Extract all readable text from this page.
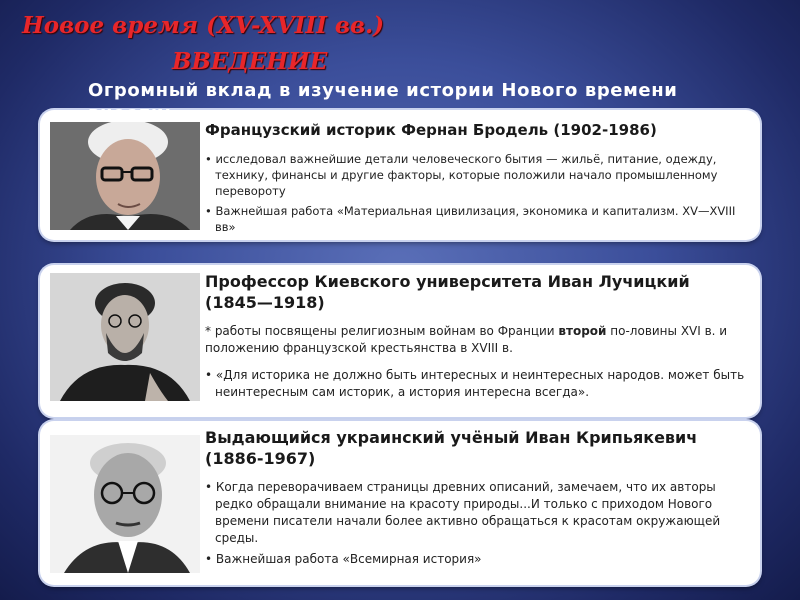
Новое время (XV-XVIII вв.)
ВВЕДЕНИЕ
Огромный вклад в изучение истории Нового времени внесли:
Французский историк Фернан Бродель (1902-1986)

• исследовал важнейшие детали человеческого бытия — жильё, питание, одежду, технику, финансы и другие факторы, которые положили начало промышленному перевороту

• Важнейшая работа «Материальная цивилизация, экономика и капитализм. XV—XVIII вв»

Профессор Киевского университета Иван Лучицкий (1845—1918)

* работы посвящены религиозным войнам во Франции второй по-ловины XVI в. и положению французской крестьянства в XVIII в.

• «Для историка не должно быть интересных и неинтересных народов. может быть неинтересным сам историк, а история интересна всегда».

Выдающийся украинский учёный Иван Крипьякевич (1886-1967)

• Когда переворачиваем страницы древних описаний, замечаем, что их авторы редко обращали внимание на красоту природы...И только с приходом Нового времени писатели начали более активно обращаться к красотам окружающей среды.

• Важнейшая работа «Всемирная история»
